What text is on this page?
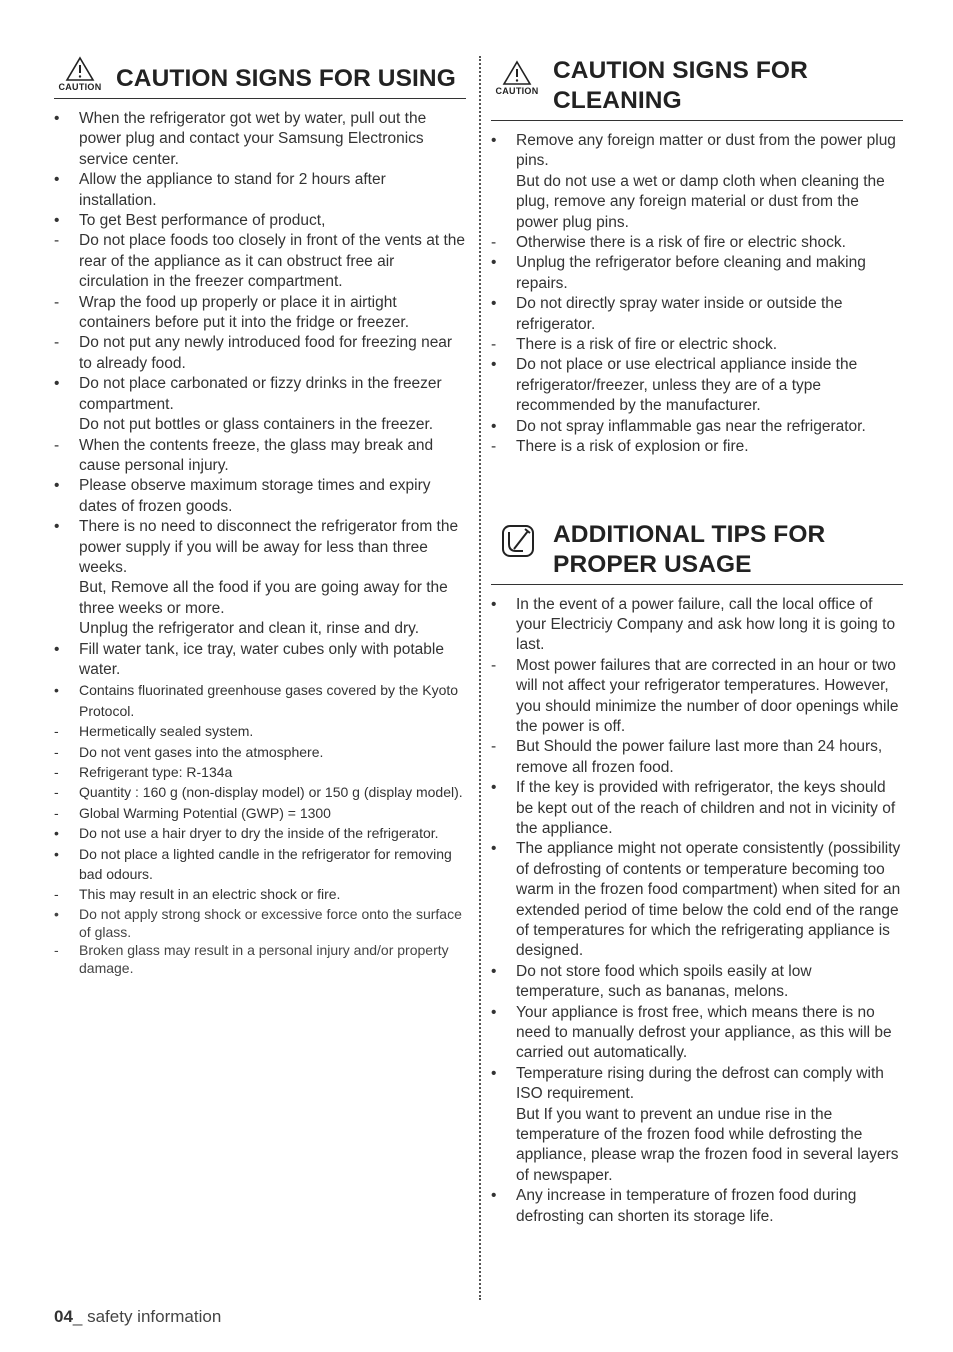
CAUTION CAUTION SIGNS FOR USING
•	When the refrigerator got wet by water, pull out the power plug and contact your Samsung Electronics service center.
•	Allow the appliance to stand for 2 hours after installation.
•	To get Best performance of product,
-	Do not place foods too closely in front of the vents at the rear of the appliance as it can obstruct free air circulation in the freezer compartment.
-	Wrap the food up properly or place it in airtight containers before put it into the fridge or freezer.
-	Do not put any newly introduced food for freezing near to already food.
•	Do not place carbonated or fizzy drinks in the freezer compartment.
Do not put bottles or glass containers in the freezer.
-	When the contents freeze, the glass may break and cause personal injury.
•	Please observe maximum storage times and expiry dates of frozen goods.
•	There is no need to disconnect the refrigerator from the power supply if you will be away for less than three weeks.
But, Remove all the food if you are going away for the three weeks or more.
Unplug the refrigerator and clean it, rinse and dry.
•	Fill water tank, ice tray, water cubes only with potable water.
•	Contains fluorinated greenhouse gases covered by the Kyoto Protocol.
-	Hermetically sealed system.
-	Do not vent gases into the atmosphere.
-	Refrigerant type: R-134a
-	Quantity : 160 g (non-display model) or 150 g (display model).
-	Global Warming Potential (GWP) = 1300
•	Do not use a hair dryer to dry the inside of the refrigerator.
•	Do not place a lighted candle in the refrigerator for removing bad odours.
-	This may result in an electric shock or fire.
•	Do not apply strong shock or excessive force onto the surface of glass.
-	Broken glass may result in a personal injury and/or property damage.
CAUTION
CAUTION SIGNS FOR
CLEANING
•	Remove any foreign matter or dust from the power plug pins.
But do not use a wet or damp cloth when cleaning the plug, remove any foreign material or dust from the power plug pins.
-	Otherwise there is a risk of fire or electric shock.
•	Unplug the refrigerator before cleaning and making repairs.
•	Do not directly spray water inside or outside the refrigerator.
-	There is a risk of fire or electric shock.
•	Do not place or use electrical appliance inside the refrigerator/freezer, unless they are of a type recommended by the manufacturer.
•	Do not spray inflammable gas near the refrigerator.
-	There is a risk of explosion or fire.
ADDITIONAL TIPS FOR
PROPER USAGE
•	In the event of a power failure, call the local office of your Electriciy Company and ask how long it is going to last.
-	Most power failures that are corrected in an hour or two will not affect your refrigerator temperatures. However, you should minimize the number of door openings while the power is off.
-	But Should the power failure last more than 24 hours, remove all frozen food.
•	If the key is provided with refrigerator, the keys should be kept out of the reach of children and not in vicinity of the appliance.
•	The appliance might not operate consistently (possibility of defrosting of contents or temperature becoming too warm in the frozen food compartment) when sited for an extended period of time below the cold end of the range of temperatures for which the refrigerating appliance is designed.
•	Do not store food which spoils easily at low temperature, such as bananas, melons.
•	Your appliance is frost free, which means there is no need to manually defrost your appliance, as this will be carried out automatically.
•	Temperature rising during the defrost can comply with ISO requirement.
But If you want to prevent an undue rise in the temperature of the frozen food while defrosting the appliance, please wrap the frozen food in several layers of newspaper.
•	Any increase in temperature of frozen food during defrosting can shorten its storage life.
04_ safety information
